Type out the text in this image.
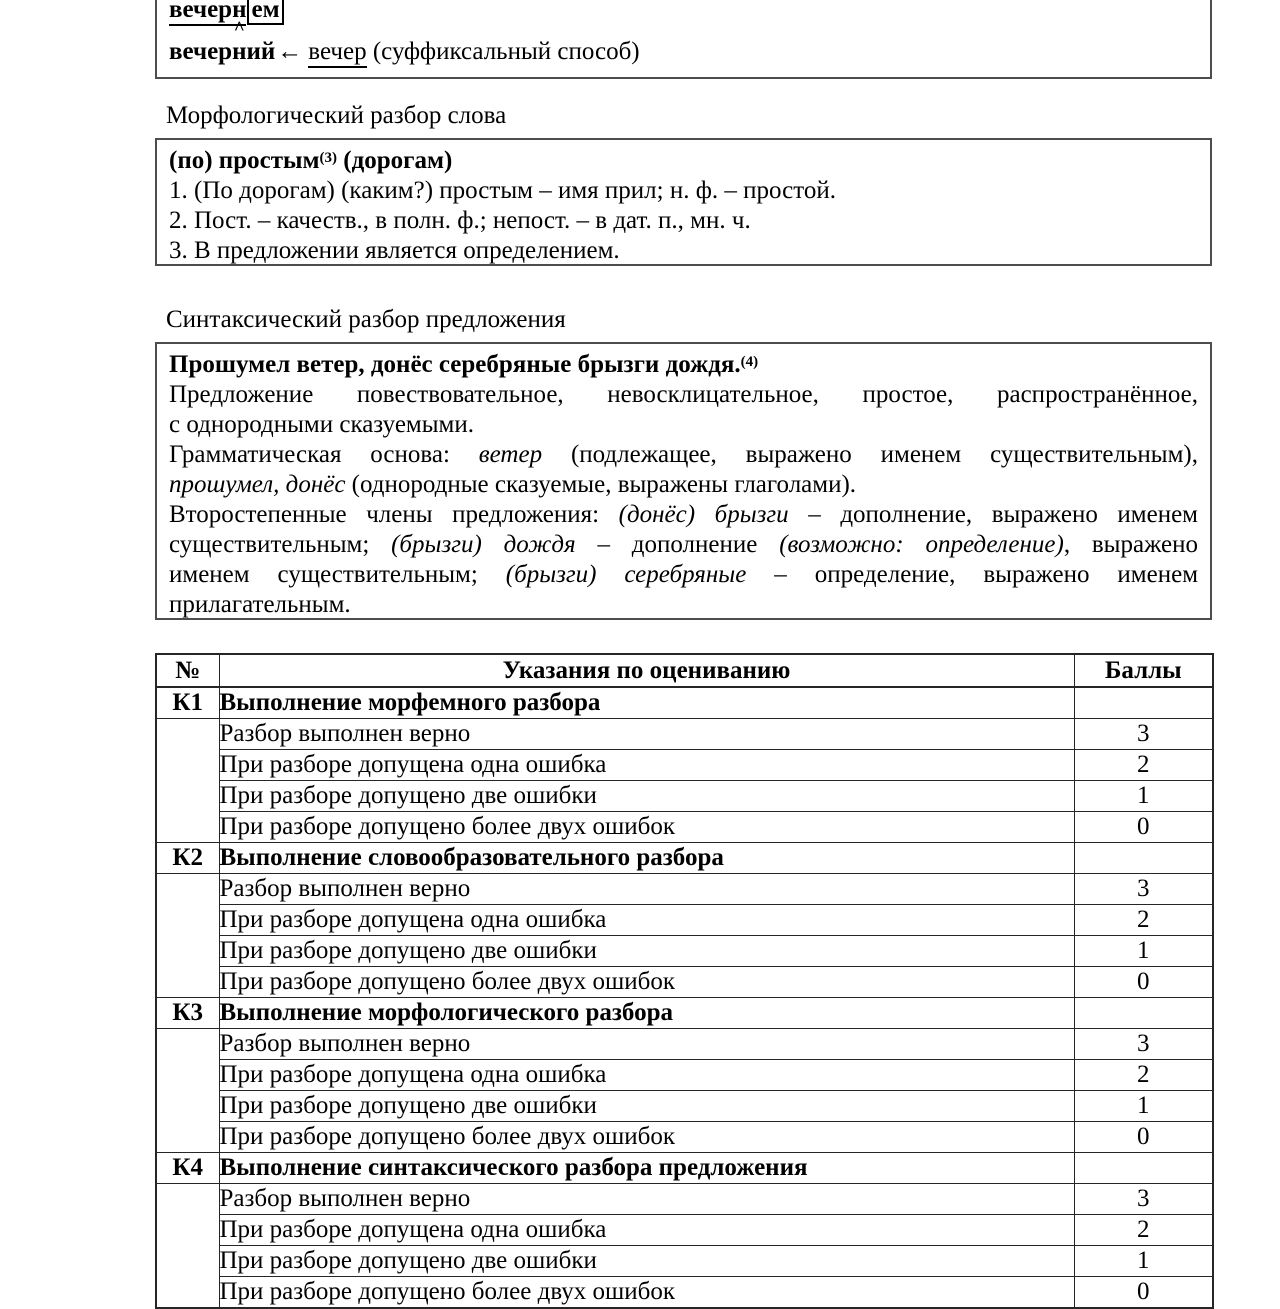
вечерн ем
вечер
^
ний← вечер (суффиксальный способ)
Морфологический разбор слова
(по) простым$^{(3)}$ (дорогам)
1. (По дорогам) (каким?) простым – имя прил; н. ф. – простой.
2. Пост. – качеств., в полн. ф.; непост. – в дат. п., мн. ч.
3. В предложении является определением.
Синтаксический разбор предложения
Прошумел ветер, донёс серебряные брызги дождя.$^{(4)}$
Предложение повествовательное, невосклицательное, простое, распространённое,
с однородными сказуемыми.
Грамматическая основа: ветер (подлежащее, выражено именем существительным),
прошумел, донёс (однородные сказуемые, выражены глаголами).
Второстепенные члены предложения: (донёс) брызги – дополнение, выражено именем
существительным; (брызги) дождя – дополнение (возможно: определение), выражено
именем существительным; (брызги) серебряные – определение, выражено именем
прилагательным.
№	Указания по оцениванию	Баллы
К1	Выполнение морфемного разбора	
	Разбор выполнен верно	3
	При разборе допущена одна ошибка	2
	При разборе допущено две ошибки	1
	При разборе допущено более двух ошибок	0
К2	Выполнение словообразовательного разбора	
	Разбор выполнен верно	3
	При разборе допущена одна ошибка	2
	При разборе допущено две ошибки	1
	При разборе допущено более двух ошибок	0
К3	Выполнение морфологического разбора	
	Разбор выполнен верно	3
	При разборе допущена одна ошибка	2
	При разборе допущено две ошибки	1
	При разборе допущено более двух ошибок	0
К4	Выполнение синтаксического разбора предложения	
	Разбор выполнен верно	3
	При разборе допущена одна ошибка	2
	При разборе допущено две ошибки	1
	При разборе допущено более двух ошибок	0
